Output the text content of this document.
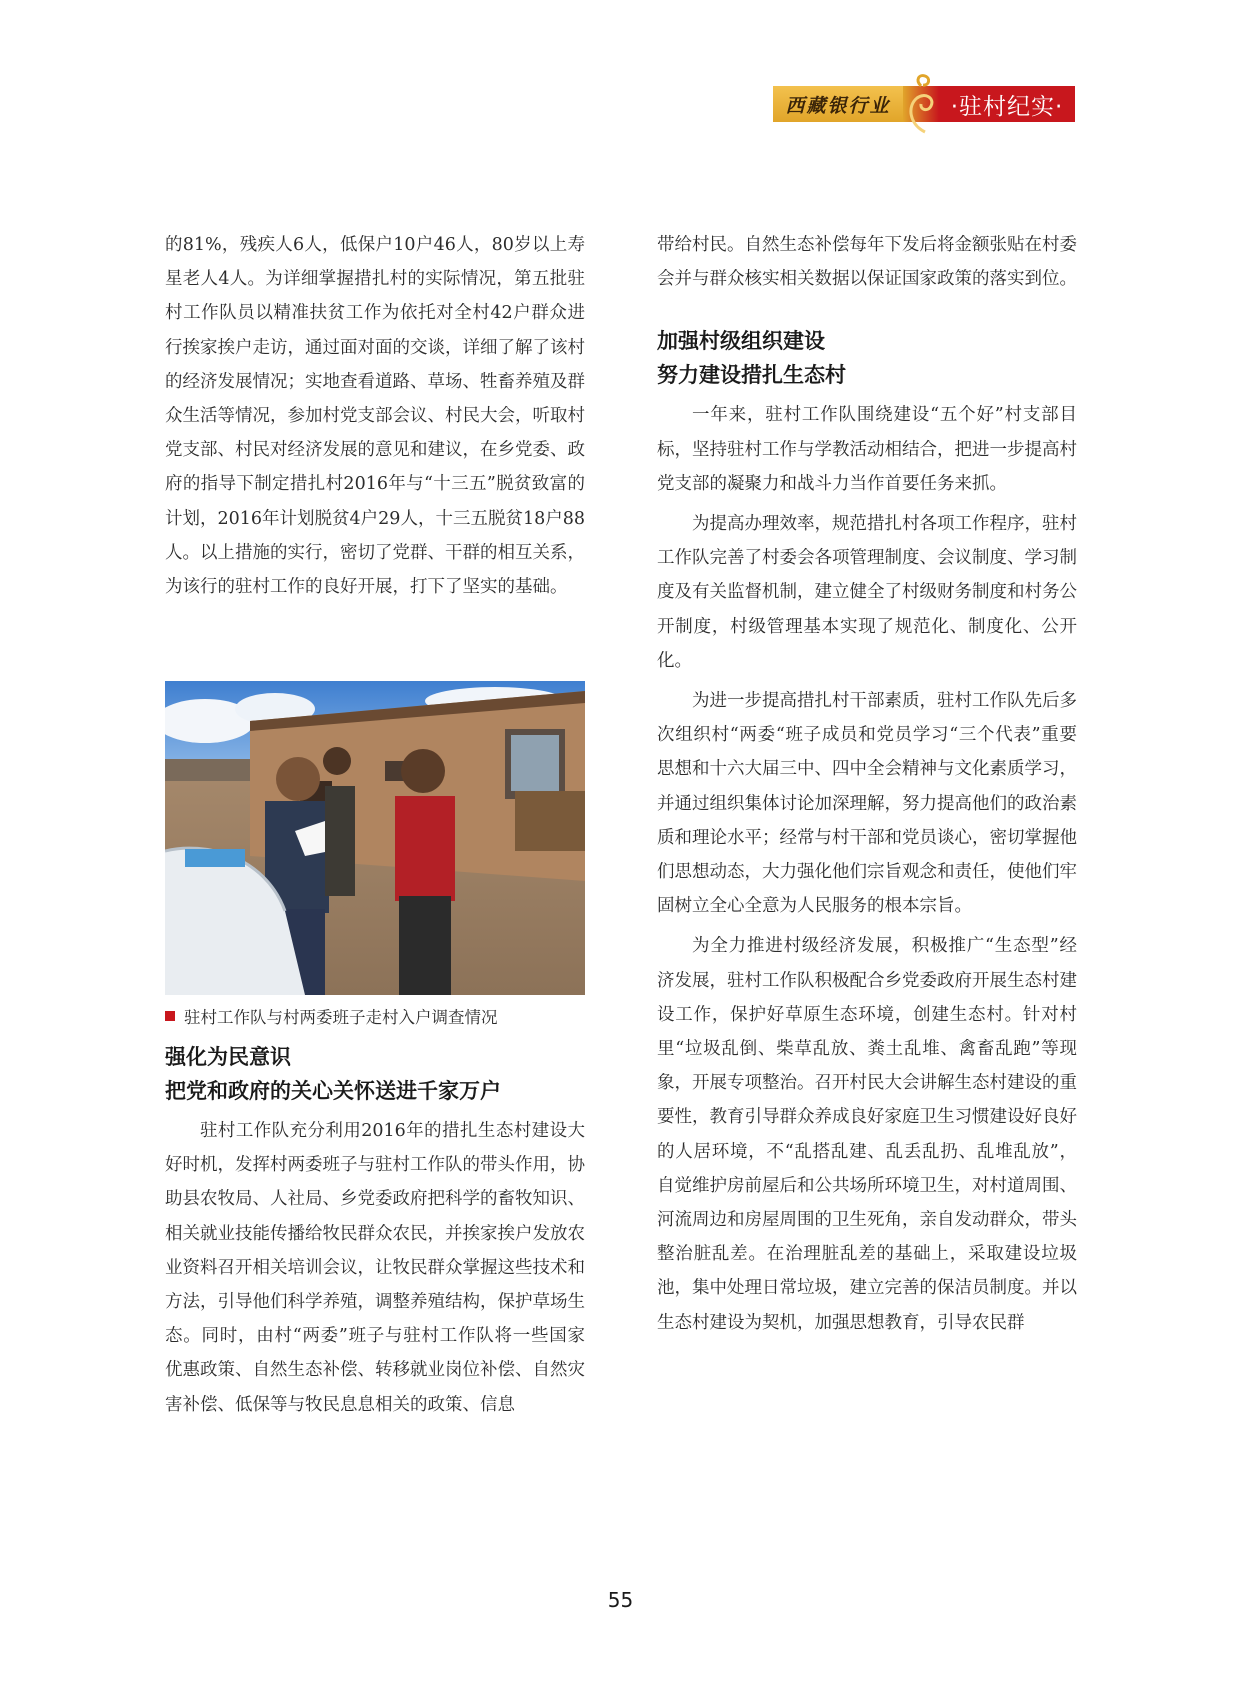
西藏银行业	·驻村纪实·

的81%，残疾人6人，低保户10户46人，80岁以上寿星老人4人。为详细掌握措扎村的实际情况，第五批驻村工作队员以精准扶贫工作为依托对全村42户群众进行挨家挨户走访，通过面对面的交谈，详细了解了该村的经济发展情况；实地查看道路、草场、牲畜养殖及群众生活等情况，参加村党支部会议、村民大会，听取村党支部、村民对经济发展的意见和建议，在乡党委、政府的指导下制定措扎村2016年与“十三五”脱贫致富的计划，2016年计划脱贫4户29人，十三五脱贫18户88人。以上措施的实行，密切了党群、干群的相互关系，为该行的驻村工作的良好开展，打下了坚实的基础。

驻村工作队与村两委班子走村入户调查情况
强化为民意识
把党和政府的关心关怀送进千家万户

驻村工作队充分利用2016年的措扎生态村建设大好时机，发挥村两委班子与驻村工作队的带头作用，协助县农牧局、人社局、乡党委政府把科学的畜牧知识、相关就业技能传播给牧民群众农民，并挨家挨户发放农业资料召开相关培训会议，让牧民群众掌握这些技术和方法，引导他们科学养殖，调整养殖结构，保护草场生态。同时，由村“两委”班子与驻村工作队将一些国家优惠政策、自然生态补偿、转移就业岗位补偿、自然灾害补偿、低保等与牧民息息相关的政策、信息

带给村民。自然生态补偿每年下发后将金额张贴在村委会并与群众核实相关数据以保证国家政策的落实到位。

加强村级组织建设
努力建设措扎生态村

一年来，驻村工作队围绕建设“五个好”村支部目标，坚持驻村工作与学教活动相结合，把进一步提高村党支部的凝聚力和战斗力当作首要任务来抓。

为提高办理效率，规范措扎村各项工作程序，驻村工作队完善了村委会各项管理制度、会议制度、学习制度及有关监督机制，建立健全了村级财务制度和村务公开制度，村级管理基本实现了规范化、制度化、公开化。

为进一步提高措扎村干部素质，驻村工作队先后多次组织村“两委“班子成员和党员学习“三个代表”重要思想和十六大届三中、四中全会精神与文化素质学习，并通过组织集体讨论加深理解，努力提高他们的政治素质和理论水平；经常与村干部和党员谈心，密切掌握他们思想动态，大力强化他们宗旨观念和责任，使他们牢固树立全心全意为人民服务的根本宗旨。

为全力推进村级经济发展，积极推广“生态型”经济发展，驻村工作队积极配合乡党委政府开展生态村建设工作，保护好草原生态环境，创建生态村。针对村里“垃圾乱倒、柴草乱放、粪土乱堆、禽畜乱跑”等现象，开展专项整治。召开村民大会讲解生态村建设的重要性，教育引导群众养成良好家庭卫生习惯建设好良好的人居环境，不“乱搭乱建、乱丢乱扔、乱堆乱放”，自觉维护房前屋后和公共场所环境卫生，对村道周围、河流周边和房屋周围的卫生死角，亲自发动群众，带头整治脏乱差。在治理脏乱差的基础上，采取建设垃圾池，集中处理日常垃圾，建立完善的保洁员制度。并以生态村建设为契机，加强思想教育，引导农民群

55
